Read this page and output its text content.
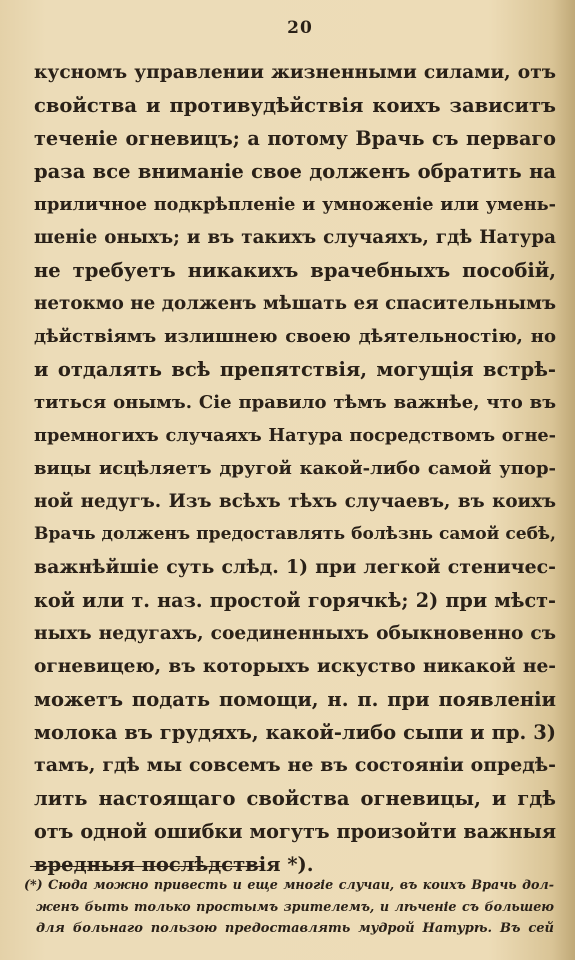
20
кусномъ управлении жизненными силами, отъ
свойства и противудѣйствія коихъ зависитъ
теченіе огневицъ; а потому Врачь съ перваго
раза все вниманіе свое долженъ обратить на
приличное подкрѣпленіе и умноженіе или умень-
шеніе оныхъ; и въ такихъ случаяхъ, гдѣ Натура
не требуетъ никакихъ врачебныхъ пособій,
нетокмо не долженъ мѣшать ея спасительнымъ
дѣйствіямъ излишнею своею дѣятельностію, но
и отдалять всѣ препятствія, могущія встрѣ-
титься онымъ. Сіе правило тѣмъ важнѣе, что въ
премногихъ случаяхъ Натура посредствомъ огне-
вицы исцѣляетъ другой какой-либо самой упор-
ной недугъ. Изъ всѣхъ тѣхъ случаевъ, въ коихъ
Врачь долженъ предоставлять болѣзнь самой себѣ,
важнѣйшіе суть слѣд. 1) при легкой стеничес-
кой или т. наз. простой горячкѣ; 2) при мѣст-
ныхъ недугахъ, соединенныхъ обыкновенно съ
огневицею, въ которыхъ искуство никакой не-
можетъ подать помощи, н. п. при появленіи
молока въ грудяхъ, какой-либо сыпи и пр. 3)
тамъ, гдѣ мы совсемъ не въ состояніи опредѣ-
лить настоящаго свойства огневицы, и гдѣ
отъ одной ошибки могутъ произойти важныя
вредныя послѣдствія *).
(*) Сюда можно привесть и еще многіе случаи, въ коихъ Врачь дол-
женъ быть только простымъ зрителемъ, и лѣченіе съ большею
для больнаго пользою предоставлять мудрой Натурѣ. Въ сей
